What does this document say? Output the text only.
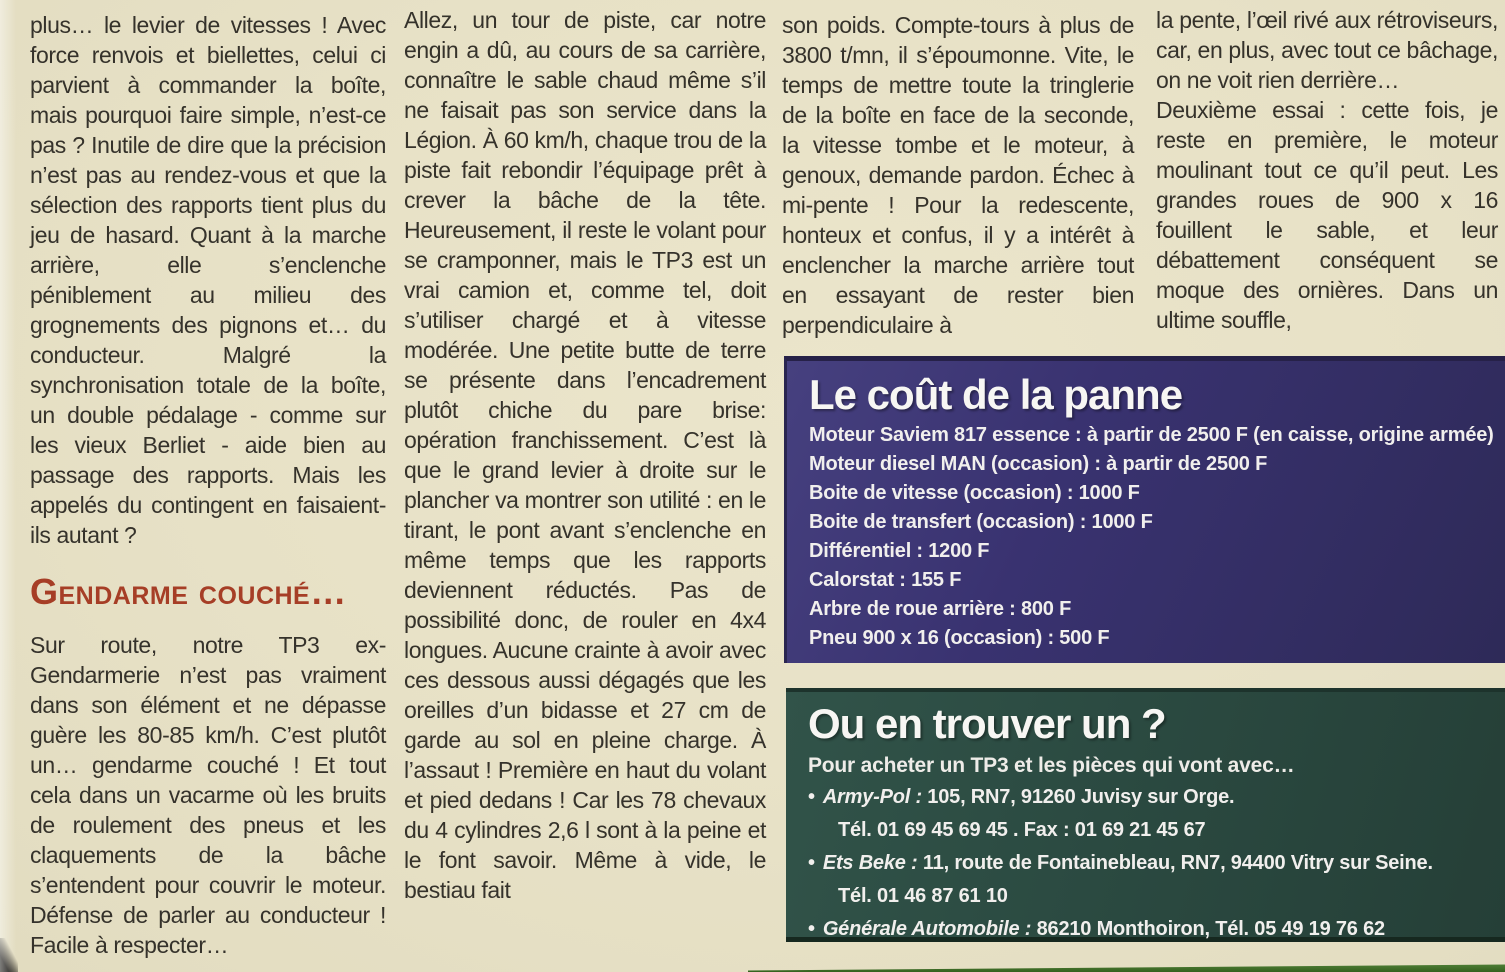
plus… le levier de vitesses ! Avec force renvois et biellettes, celui ci parvient à commander la boîte, mais pourquoi faire simple, n’est-ce pas ? Inutile de dire que la précision n’est pas au rendez-vous et que la sélection des rapports tient plus du jeu de hasard. Quant à la marche arrière, elle s’enclenche péniblement au milieu des grognements des pignons et… du conducteur. Malgré la synchronisation totale de la boîte, un double pédalage - comme sur les vieux Berliet - aide bien au passage des rapports. Mais les appelés du contingent en faisaient-ils autant ?

Gendarme couché…

Sur route, notre TP3 ex-Gendarmerie n’est pas vraiment dans son élément et ne dépasse guère les 80-85 km/h. C’est plutôt un… gendarme couché ! Et tout cela dans un vacarme où les bruits de roulement des pneus et les claquements de la bâche s’entendent pour couvrir le moteur. Défense de parler au conducteur ! Facile à respecter…

Allez, un tour de piste, car notre engin a dû, au cours de sa carrière, connaître le sable chaud même s’il ne faisait pas son service dans la Légion. À 60 km/h, chaque trou de la piste fait rebondir l’équipage prêt à crever la bâche de la tête. Heureusement, il reste le volant pour se cramponner, mais le TP3 est un vrai camion et, comme tel, doit s’utiliser chargé et à vitesse modérée. Une petite butte de terre se présente dans l’encadrement plutôt chiche du pare brise: opération franchissement. C’est là que le grand levier à droite sur le plancher va montrer son utilité : en le tirant, le pont avant s’enclenche en même temps que les rapports deviennent réductés. Pas de possibilité donc, de rouler en 4x4 longues. Aucune crainte à avoir avec ces dessous aussi dégagés que les oreilles d’un bidasse et 27 cm de garde au sol en pleine charge. À l’assaut ! Première en haut du volant et pied dedans ! Car les 78 chevaux du 4 cylindres 2,6 l sont à la peine et le font savoir. Même à vide, le bestiau fait

son poids. Compte-tours à plus de 3800 t/mn, il s’époumonne. Vite, le temps de mettre toute la tringlerie de la boîte en face de la seconde, la vitesse tombe et le moteur, à genoux, demande pardon. Échec à mi-pente ! Pour la redescente, honteux et confus, il y a intérêt à enclencher la marche arrière tout en essayant de rester bien perpendiculaire à

la pente, l’œil rivé aux rétroviseurs, car, en plus, avec tout ce bâchage, on ne voit rien derrière…

Deuxième essai : cette fois, je reste en première, le moteur moulinant tout ce qu’il peut. Les grandes roues de 900 x 16 fouillent le sable, et leur débattement conséquent se moque des ornières. Dans un ultime souffle,

Le coût de la panne
Moteur Saviem 817 essence : à partir de 2500 F (en caisse, origine armée)
Moteur diesel MAN (occasion) : à partir de 2500 F
Boite de vitesse (occasion) : 1000 F
Boite de transfert (occasion) : 1000 F
Différentiel : 1200 F
Calorstat : 155 F
Arbre de roue arrière : 800 F
Pneu 900 x 16 (occasion) : 500 F
Ou en trouver un ?
Pour acheter un TP3 et les pièces qui vont avec…
• Army-Pol : 105, RN7, 91260 Juvisy sur Orge.
Tél. 01 69 45 69 45 . Fax : 01 69 21 45 67
• Ets Beke : 11, route de Fontainebleau, RN7, 94400 Vitry sur Seine.
Tél. 01 46 87 61 10
• Générale Automobile : 86210 Monthoiron, Tél. 05 49 19 76 62
